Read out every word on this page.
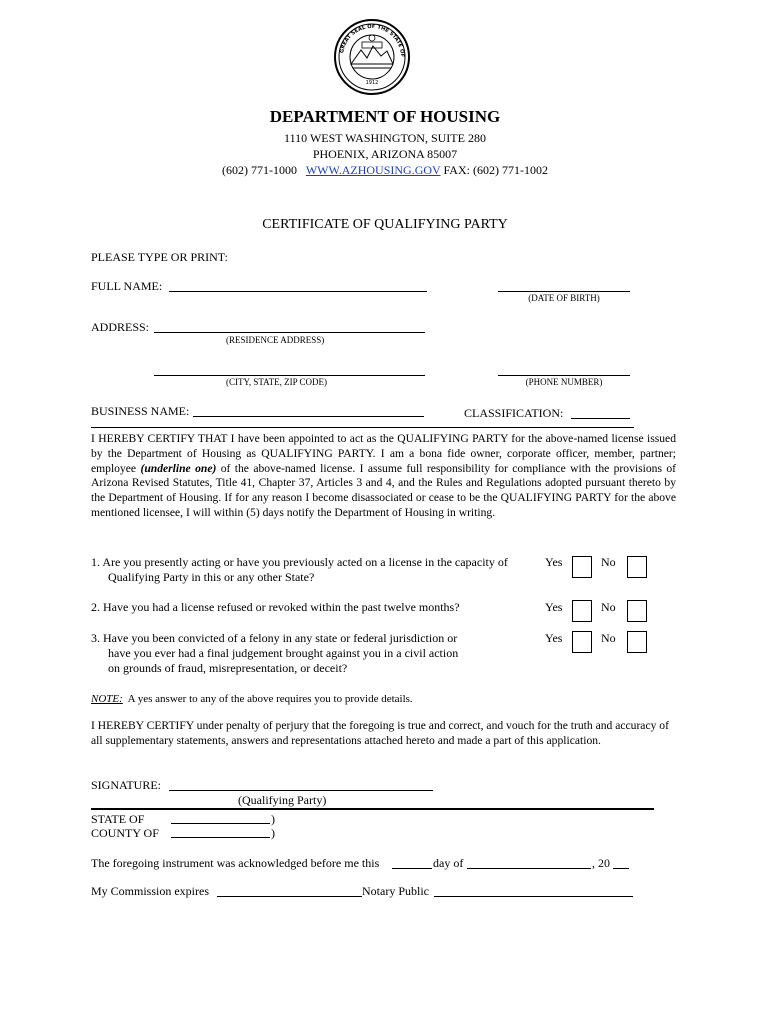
GREAT SEAL OF THE STATE OF
1912
DEPARTMENT OF HOUSING
1110 WEST WASHINGTON, SUITE 280
PHOENIX, ARIZONA 85007
(602) 771-1000 WWW.AZHOUSING.GOV FAX: (602) 771-1002
CERTIFICATE OF QUALIFYING PARTY
PLEASE TYPE OR PRINT:
FULL NAME:
(DATE OF BIRTH)
ADDRESS:
(RESIDENCE ADDRESS)
(CITY, STATE, ZIP CODE)	(PHONE NUMBER)
BUSINESS NAME:	CLASSIFICATION:
I HEREBY CERTIFY THAT I have been appointed to act as the QUALIFYING PARTY for the above-named license issued by the Department of Housing as QUALIFYING PARTY. I am a bona fide owner, corporate officer, member, partner; employee (underline one) of the above-named license. I assume full responsibility for compliance with the provisions of Arizona Revised Statutes, Title 41, Chapter 37, Articles 3 and 4, and the Rules and Regulations adopted pursuant thereto by the Department of Housing. If for any reason I become disassociated or cease to be the QUALIFYING PARTY for the above mentioned licensee, I will within (5) days notify the Department of Housing in writing.
1. Are you presently acting or have you previously acted on a license in the capacity of
Qualifying Party in this or any other State?
Yes	No
2. Have you had a license refused or revoked within the past twelve months?	Yes	No
3. Have you been convicted of a felony in any state or federal jurisdiction or
have you ever had a final judgement brought against you in a civil action
on grounds of fraud, misrepresentation, or deceit?
Yes	No
NOTE:  A yes answer to any of the above requires you to provide details.
I HEREBY CERTIFY under penalty of perjury that the foregoing is true and correct, and vouch for the truth and accuracy of all supplementary statements, answers and representations attached hereto and made a part of this application.
SIGNATURE:
(Qualifying Party)
STATE OF	)
COUNTY OF	)
The foregoing instrument was acknowledged before me this	day of	, 20
My Commission expires	Notary Public
